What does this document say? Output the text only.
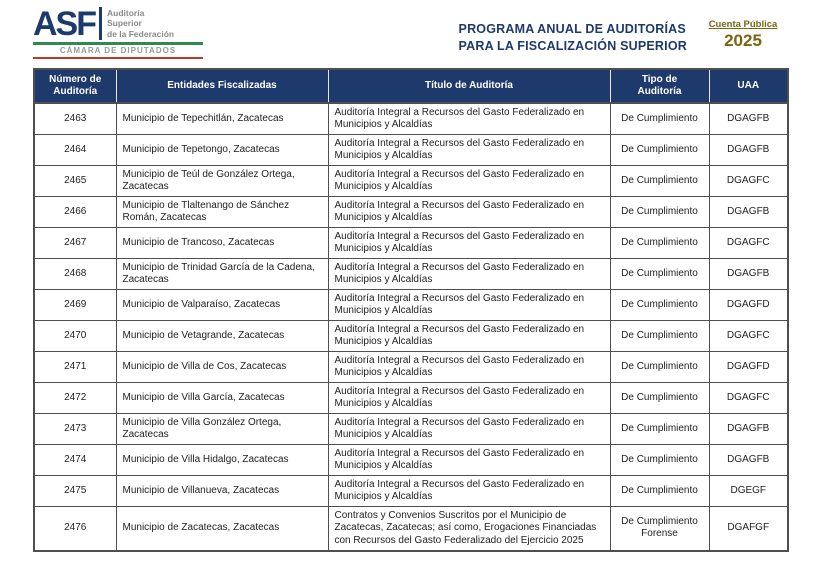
ASF Auditoría
Superior
de la Federación
CÁMARA DE DIPUTADOS
PROGRAMA ANUAL DE AUDITORÍAS
PARA LA FISCALIZACIÓN SUPERIOR
Cuenta Pública
2025
Número de Auditoría	Entidades Fiscalizadas	Título de Auditoría	Tipo de Auditoría	UAA
2463	Municipio de Tepechitlán, Zacatecas	Auditoría Integral a Recursos del Gasto Federalizado en Municipios y Alcaldías	De Cumplimiento	DGAGFB
2464	Municipio de Tepetongo, Zacatecas	Auditoría Integral a Recursos del Gasto Federalizado en Municipios y Alcaldías	De Cumplimiento	DGAGFB
2465	Municipio de Teúl de González Ortega, Zacatecas	Auditoría Integral a Recursos del Gasto Federalizado en Municipios y Alcaldías	De Cumplimiento	DGAGFC
2466	Municipio de Tlaltenango de Sánchez Román, Zacatecas	Auditoría Integral a Recursos del Gasto Federalizado en Municipios y Alcaldías	De Cumplimiento	DGAGFB
2467	Municipio de Trancoso, Zacatecas	Auditoría Integral a Recursos del Gasto Federalizado en Municipios y Alcaldías	De Cumplimiento	DGAGFC
2468	Municipio de Trinidad García de la Cadena, Zacatecas	Auditoría Integral a Recursos del Gasto Federalizado en Municipios y Alcaldías	De Cumplimiento	DGAGFB
2469	Municipio de Valparaíso, Zacatecas	Auditoría Integral a Recursos del Gasto Federalizado en Municipios y Alcaldías	De Cumplimiento	DGAGFD
2470	Municipio de Vetagrande, Zacatecas	Auditoría Integral a Recursos del Gasto Federalizado en Municipios y Alcaldías	De Cumplimiento	DGAGFC
2471	Municipio de Villa de Cos, Zacatecas	Auditoría Integral a Recursos del Gasto Federalizado en Municipios y Alcaldías	De Cumplimiento	DGAGFD
2472	Municipio de Villa García, Zacatecas	Auditoría Integral a Recursos del Gasto Federalizado en Municipios y Alcaldías	De Cumplimiento	DGAGFC
2473	Municipio de Villa González Ortega, Zacatecas	Auditoría Integral a Recursos del Gasto Federalizado en Municipios y Alcaldías	De Cumplimiento	DGAGFB
2474	Municipio de Villa Hidalgo, Zacatecas	Auditoría Integral a Recursos del Gasto Federalizado en Municipios y Alcaldías	De Cumplimiento	DGAGFB
2475	Municipio de Villanueva, Zacatecas	Auditoría Integral a Recursos del Gasto Federalizado en Municipios y Alcaldías	De Cumplimiento	DGEGF
2476	Municipio de Zacatecas, Zacatecas	Contratos y Convenios Suscritos por el Municipio de Zacatecas, Zacatecas; así como, Erogaciones Financiadas con Recursos del Gasto Federalizado del Ejercicio 2025	De Cumplimiento Forense	DGAFGF
